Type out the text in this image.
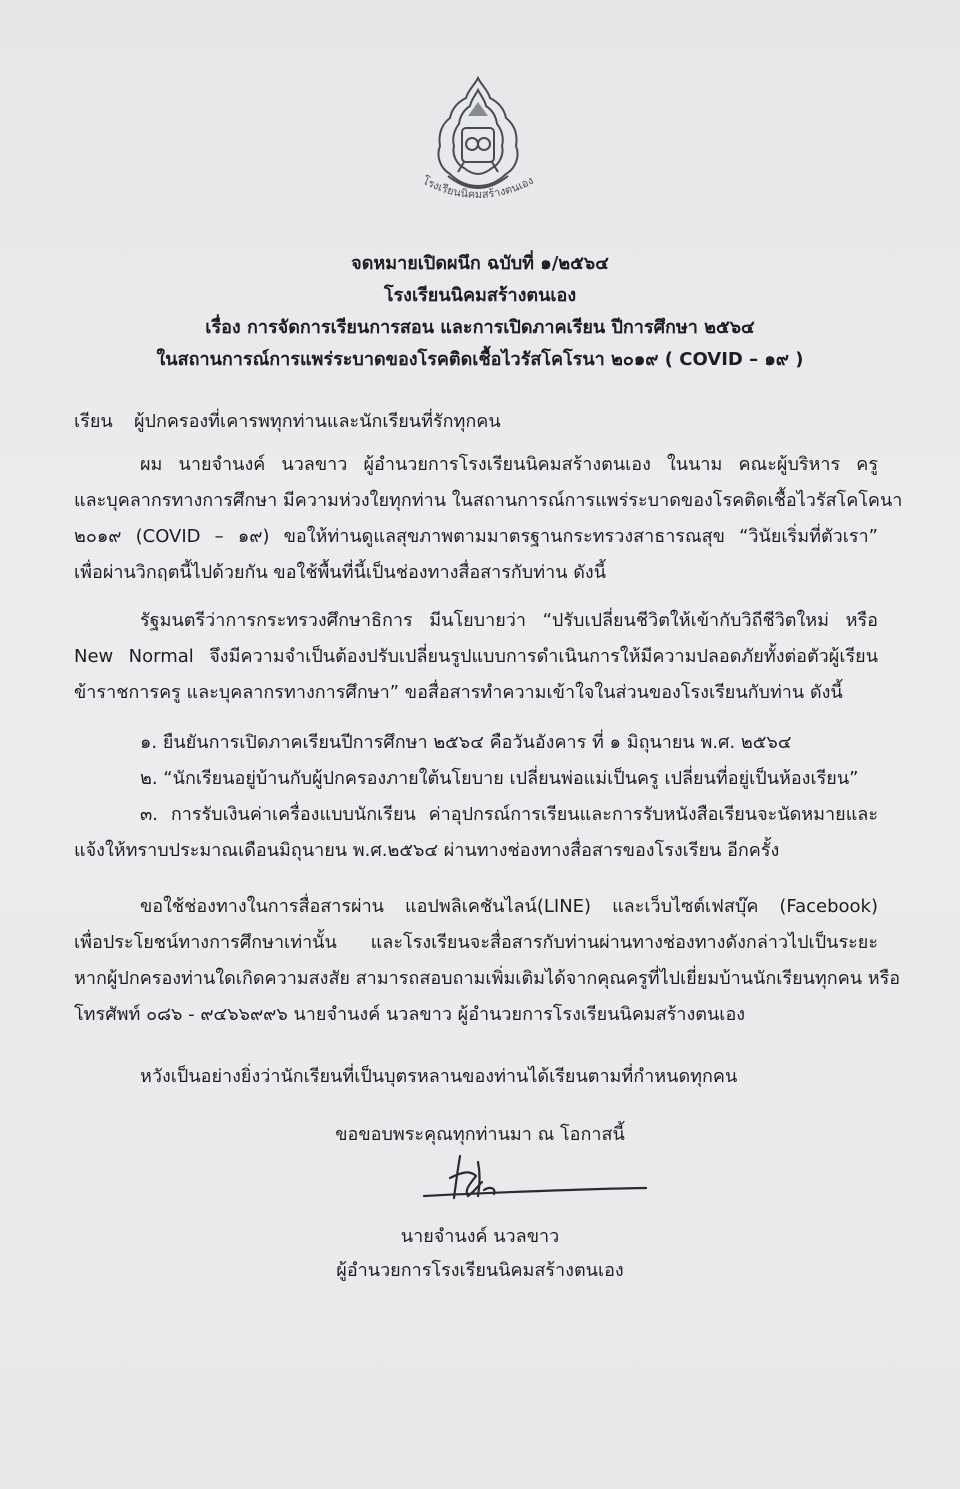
โรงเรียนนิคมสร้างตนเอง
จดหมายเปิดผนึก ฉบับที่ ๑/๒๕๖๔
โรงเรียนนิคมสร้างตนเอง
เรื่อง การจัดการเรียนการสอน และการเปิดภาคเรียน ปีการศึกษา ๒๕๖๔
ในสถานการณ์การแพร่ระบาดของโรคติดเชื้อไวรัสโคโรนา ๒๐๑๙ ( COVID – ๑๙ )
เรียน ผู้ปกครองที่เคารพทุกท่านและนักเรียนที่รักทุกคน
ผม นายจำนงค์ นวลขาว ผู้อำนวยการโรงเรียนนิคมสร้างตนเอง ในนาม คณะผู้บริหาร ครู
และบุคลากรทางการศึกษา มีความห่วงใยทุกท่าน ในสถานการณ์การแพร่ระบาดของโรคติดเชื้อไวรัสโคโคนา
๒๐๑๙ (COVID – ๑๙) ขอให้ท่านดูแลสุขภาพตามมาตรฐานกระทรวงสาธารณสุข “วินัยเริ่มที่ตัวเรา”
เพื่อผ่านวิกฤตนี้ไปด้วยกัน ขอใช้พื้นที่นี้เป็นช่องทางสื่อสารกับท่าน ดังนี้
รัฐมนตรีว่าการกระทรวงศึกษาธิการ มีนโยบายว่า “ปรับเปลี่ยนชีวิตให้เข้ากับวิถีชีวิตใหม่ หรือ
New Normal จึงมีความจำเป็นต้องปรับเปลี่ยนรูปแบบการดำเนินการให้มีความปลอดภัยทั้งต่อตัวผู้เรียน
ข้าราชการครู และบุคลากรทางการศึกษา” ขอสื่อสารทำความเข้าใจในส่วนของโรงเรียนกับท่าน ดังนี้
๑. ยืนยันการเปิดภาคเรียนปีการศึกษา ๒๕๖๔ คือวันอังคาร ที่ ๑ มิถุนายน พ.ศ. ๒๕๖๔
๒. “นักเรียนอยู่บ้านกับผู้ปกครองภายใต้นโยบาย เปลี่ยนพ่อแม่เป็นครู เปลี่ยนที่อยู่เป็นห้องเรียน”
๓. การรับเงินค่าเครื่องแบบนักเรียน ค่าอุปกรณ์การเรียนและการรับหนังสือเรียนจะนัดหมายและ
แจ้งให้ทราบประมาณเดือนมิถุนายน พ.ศ.๒๕๖๔ ผ่านทางช่องทางสื่อสารของโรงเรียน อีกครั้ง
ขอใช้ช่องทางในการสื่อสารผ่าน แอปพลิเคชันไลน์(LINE) และเว็บไซต์เฟสบุ๊ค (Facebook)
เพื่อประโยชน์ทางการศึกษาเท่านั้น และโรงเรียนจะสื่อสารกับท่านผ่านทางช่องทางดังกล่าวไปเป็นระยะ
หากผู้ปกครองท่านใดเกิดความสงสัย สามารถสอบถามเพิ่มเติมได้จากคุณครูที่ไปเยี่ยมบ้านนักเรียนทุกคน หรือ
โทรศัพท์ ๐๘๖ - ๙๔๖๖๙๙๖ นายจำนงค์ นวลขาว ผู้อำนวยการโรงเรียนนิคมสร้างตนเอง
หวังเป็นอย่างยิ่งว่านักเรียนที่เป็นบุตรหลานของท่านได้เรียนตามที่กำหนดทุกคน
ขอขอบพระคุณทุกท่านมา ณ โอกาสนี้
นายจำนงค์ นวลขาว
ผู้อำนวยการโรงเรียนนิคมสร้างตนเอง
